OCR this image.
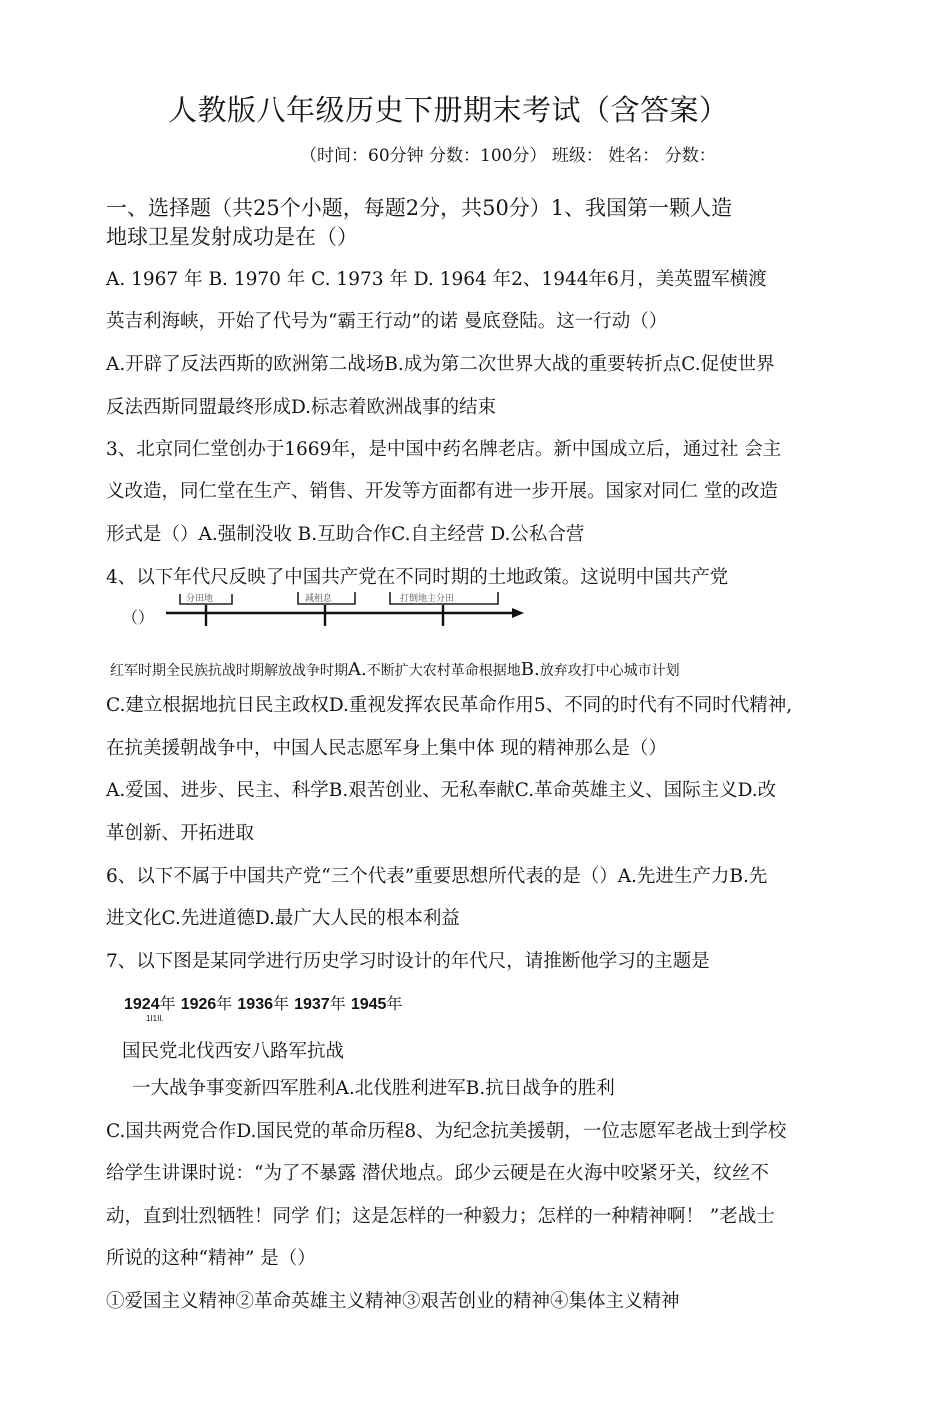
人教版八年级历史下册期末考试（含答案）
（时间：60分钟 分数：100分） 班级： 姓名： 分数：
一、选择题（共25个小题，每题2分，共50分）1、我国第一颗人造
地球卫星发射成功是在（）
A. 1967 年 B. 1970 年 C. 1973 年 D. 1964 年2、1944年6月，美英盟军横渡
英吉利海峡，开始了代号为“霸王行动”的诺 曼底登陆。这一行动（）
A.开辟了反法西斯的欧洲第二战场B.成为第二次世界大战的重要转折点C.促使世界
反法西斯同盟最终形成D.标志着欧洲战事的结束
3、北京同仁堂创办于1669年，是中国中药名牌老店。新中国成立后，通过社 会主
义改造，同仁堂在生产、销售、开发等方面都有进一步开展。国家对同仁 堂的改造
形式是（）A.强制没收 B.互助合作C.自主经营 D.公私合营
4、以下年代尺反映了中国共产党在不同时期的土地政策。这说明中国共产党
（）
分田地	减租息	打倒地主分田
红军时期全民族抗战时期解放战争时期A.不断扩大农村革命根据地B.放弃攻打中心城市计划
C.建立根据地抗日民主政权D.重视发挥农民革命作用5、不同的时代有不同时代精神,
在抗美援朝战争中，中国人民志愿军身上集中体 现的精神那么是（）
A.爱国、进步、民主、科学B.艰苦创业、无私奉献C.革命英雄主义、国际主义D.改
革创新、开拓进取
6、以下不属于中国共产党“三个代表”重要思想所代表的是（）A.先进生产力B.先
进文化C.先进道德D.最广大人民的根本利益
7、以下图是某同学进行历史学习时设计的年代尺，请推断他学习的主题是
1924年 1926年 1936年 1937年 1945年
1I1II.
国民党北伐西安八路军抗战
一大战争事变新四军胜利A.北伐胜利进军B.抗日战争的胜利
C.国共两党合作D.国民党的革命历程8、为纪念抗美援朝，一位志愿军老战士到学校
给学生讲课时说：“为了不暴露 潜伏地点。邱少云硬是在火海中咬紧牙关，纹丝不
动，直到壮烈牺牲！同学 们；这是怎样的一种毅力；怎样的一种精神啊！ ”老战士
所说的这种“精神” 是（）
①爱国主义精神②革命英雄主义精神③艰苦创业的精神④集体主义精神
